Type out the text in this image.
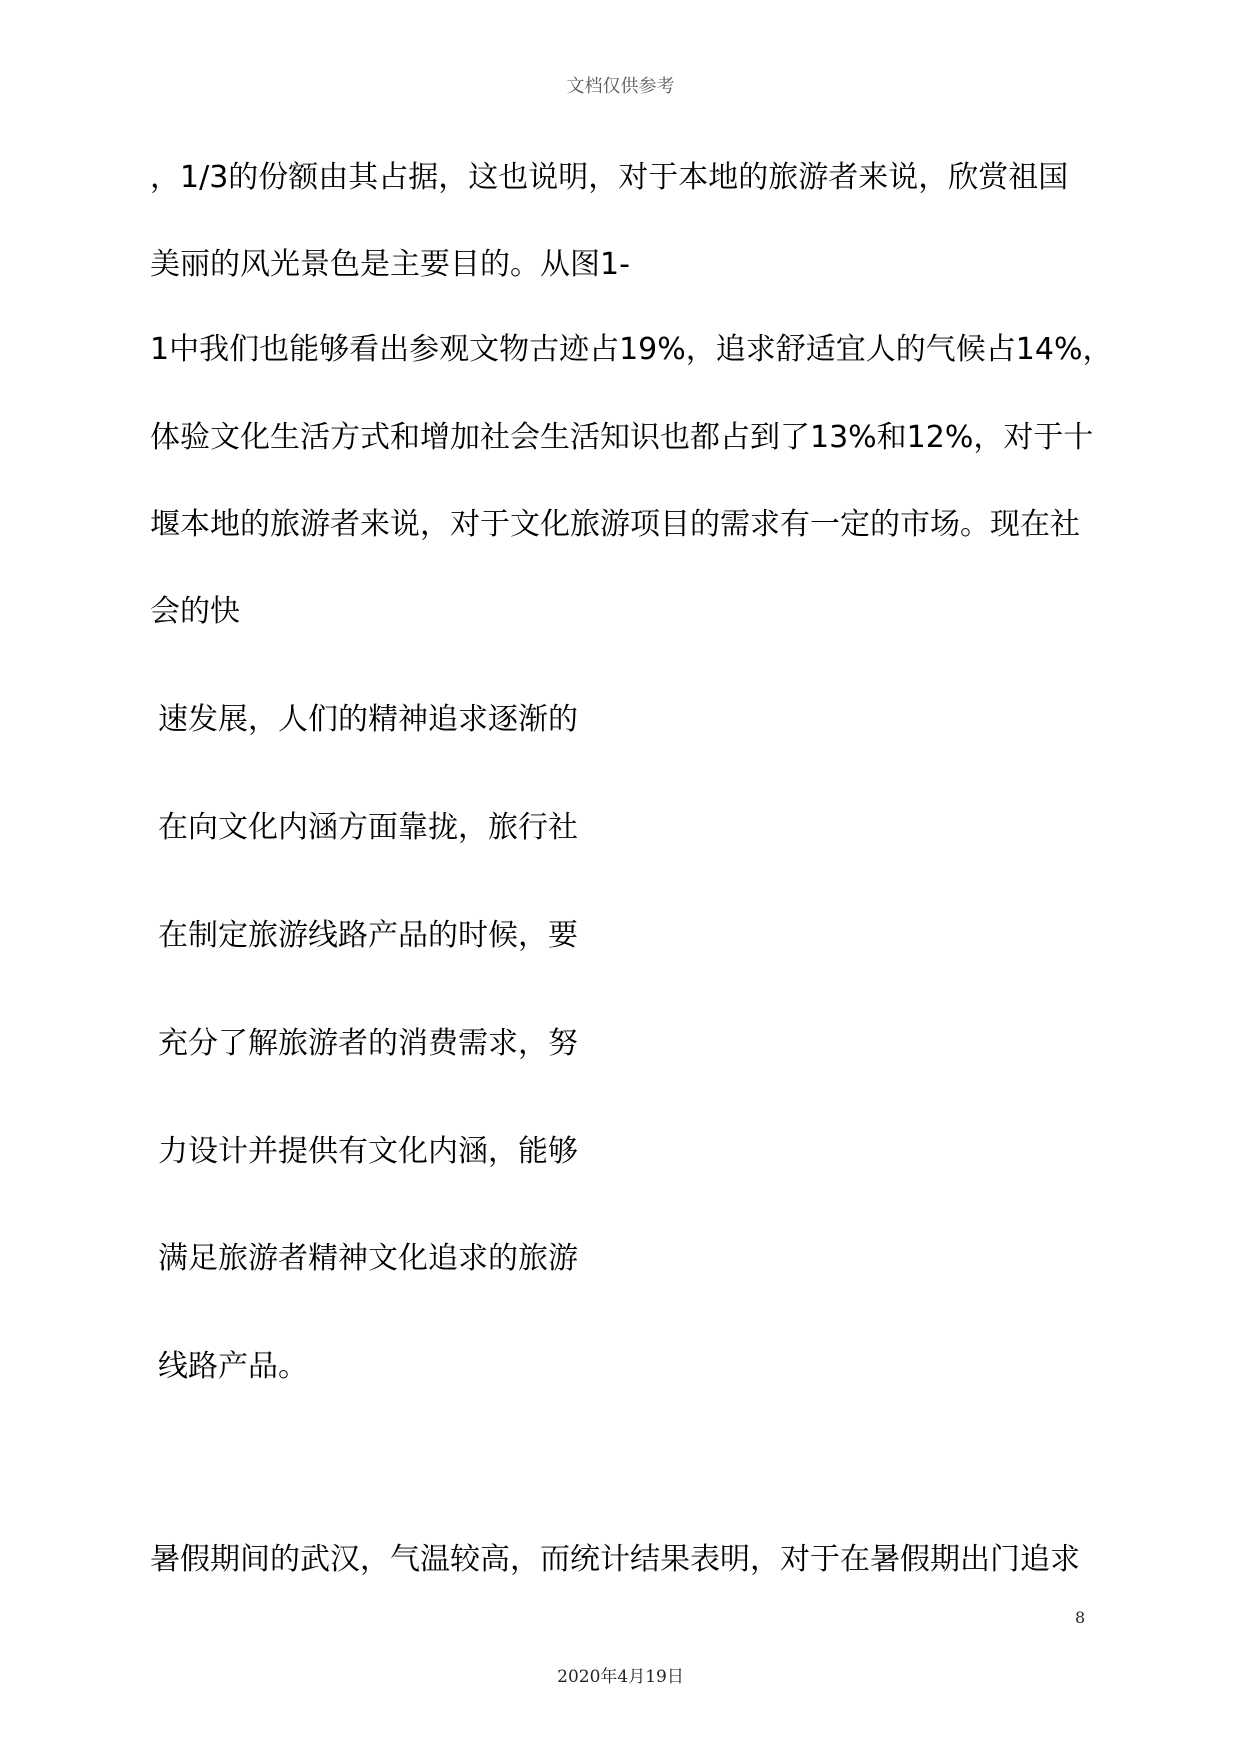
文档仅供参考
，1/3的份额由其占据，这也说明，对于本地的旅游者来说，欣赏祖国
美丽的风光景色是主要目的。从图1-
1中我们也能够看出参观文物古迹占19%，追求舒适宜人的气候占14%，
体验文化生活方式和增加社会生活知识也都占到了13%和12%，对于十
堰本地的旅游者来说，对于文化旅游项目的需求有一定的市场。现在社
会的快
速发展，人们的精神追求逐渐的
在向文化内涵方面靠拢，旅行社
在制定旅游线路产品的时候，要
充分了解旅游者的消费需求，努
力设计并提供有文化内涵，能够
满足旅游者精神文化追求的旅游
线路产品。
暑假期间的武汉，气温较高，而统计结果表明，对于在暑假期出门追求
8
2020年4月19日
